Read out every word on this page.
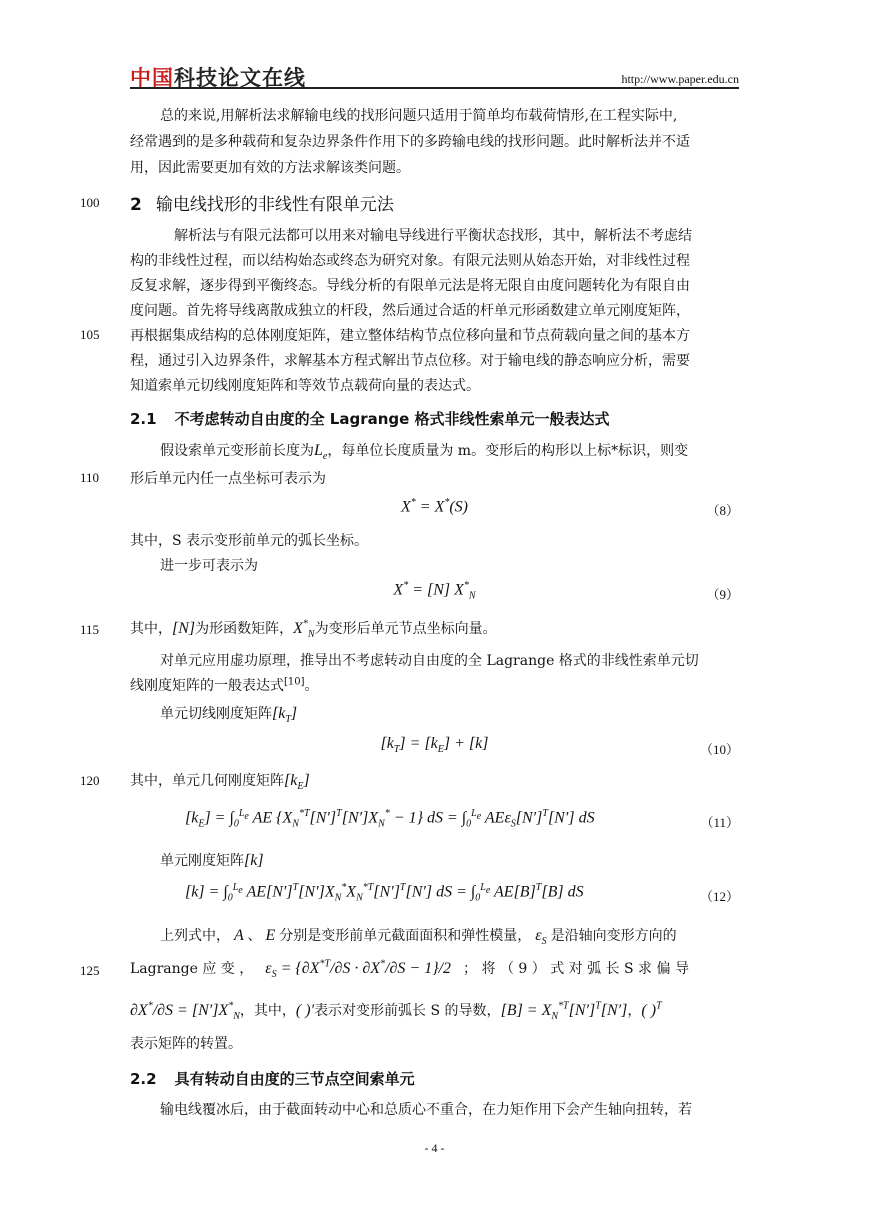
中国科技论文在线	http://www.paper.edu.cn
总的来说,用解析法求解输电线的找形问题只适用于简单均布载荷情形,在工程实际中,
经常遇到的是多种载荷和复杂边界条件作用下的多跨输电线的找形问题。此时解析法并不适
用，因此需要更加有效的方法求解该类问题。
100 2 输电线找形的非线性有限单元法
解析法与有限元法都可以用来对输电导线进行平衡状态找形，其中，解析法不考虑结
构的非线性过程，而以结构始态或终态为研究对象。有限元法则从始态开始，对非线性过程
反复求解，逐步得到平衡终态。导线分析的有限单元法是将无限自由度问题转化为有限自由
度问题。首先将导线离散成独立的杆段，然后通过合适的杆单元形函数建立单元刚度矩阵，
105 再根据集成结构的总体刚度矩阵，建立整体结构节点位移向量和节点荷载向量之间的基本方
程，通过引入边界条件，求解基本方程式解出节点位移。对于输电线的静态响应分析，需要
知道索单元切线刚度矩阵和等效节点载荷向量的表达式。
2.1 不考虑转动自由度的全 Lagrange 格式非线性索单元一般表达式
假设索单元变形前长度为$L_e$，每单位长度质量为 m。变形后的构形以上标*标识，则变
110 形后单元内任一点坐标可表示为
X* = X*(S)	（8）
其中，S 表示变形前单元的弧长坐标。
进一步可表示为
X* = [N] $X^*_N$	（9）
115 其中，[N]为形函数矩阵，$X^*_N$为变形后单元节点坐标向量。
对单元应用虚功原理，推导出不考虑转动自由度的全 Lagrange 格式的非线性索单元切
线刚度矩阵的一般表达式[10]。
单元切线刚度矩阵$[k_T]$
$[k_T] = [k_E] + [k]$	（10）
120 其中，单元几何刚度矩阵$[k_E]$
$[k_E] = \int_0^{L_e}$ AE $\{X_N^{*T}[N']^T[N']X_N^* - 1\}$ dS = $\int_0^{L_e}$ $AE\varepsilon_S[N']^T[N']$ dS	（11）
单元刚度矩阵[k]
$[k] = \int_0^{L_e}$ $AE[N']^T[N']X_N^*X_N^{*T}[N']^T[N']$ dS = $\int_0^{L_e}$ $AE[B]^T[B]$ dS	（12）
上列式中， A 、 E 分别是变形前单元截面面积和弹性模量， $\varepsilon_S$ 是沿轴向变形方向的
125 Lagrange 应 变 ， $\varepsilon_S = \{\partial X^{*T}/\partial S \cdot \partial X^*/\partial S - 1\}/2$ ； 将 （ 9 ） 式 对 弧 长 S 求 偏 导
$\partial X^*/\partial S = [N']X^*_N$，其中，( )′表示对变形前弧长 S 的导数，$[B] = X_N^{*T}[N']^T[N']$，( )$^T$
表示矩阵的转置。
2.2 具有转动自由度的三节点空间索单元
输电线覆冰后，由于截面转动中心和总质心不重合，在力矩作用下会产生轴向扭转，若
- 4 -
